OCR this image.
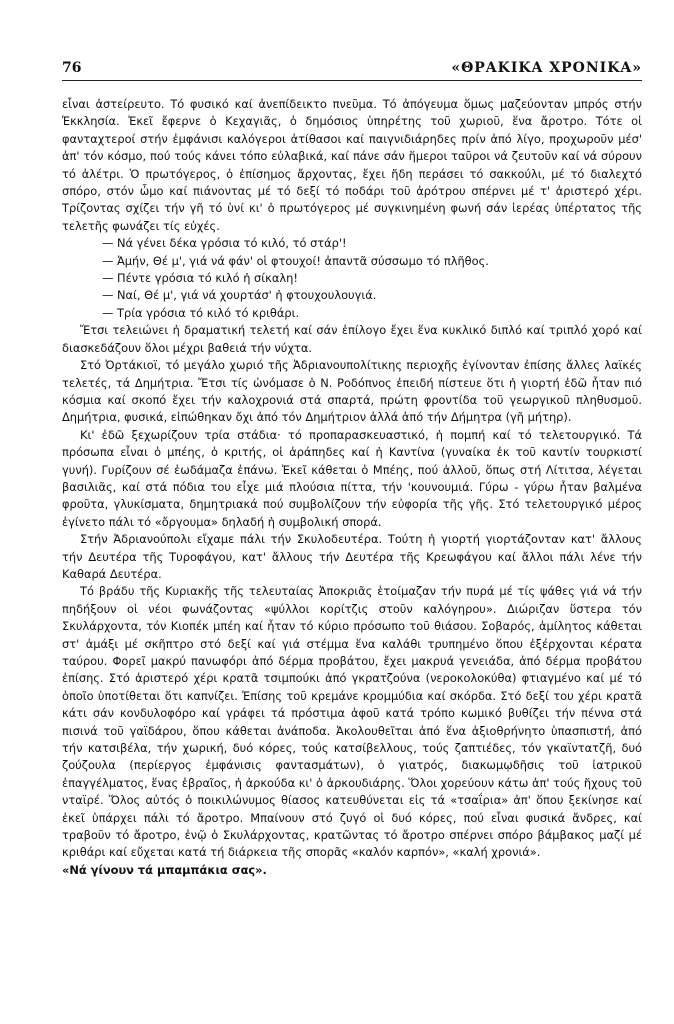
76	«ΘΡΑΚΙΚΑ ΧΡΟΝΙΚΑ»

εἶναι ἀστείρευτο. Τό φυσικό καί ἀνεπίδεικτο πνεῦμα. Τό ἀπόγευμα ὅμως μαζεύονταν μπρός στήν Ἐκκλησία. Ἐκεῖ ἔφερνε ὁ Κεχαγιᾶς, ὁ δημόσιος ὑπηρέτης τοῦ χωριοῦ, ἕνα ἄροτρο. Τότε οἱ φανταχτεροί στήν ἐμφάνισι καλόγεροι ἀτίθασοι καί παιγνιδιάρηδες πρίν ἀπό λίγο, προχωροῦν μέσ' ἀπ' τόν κόσμο, πού τούς κάνει τόπο εὐλαβικά, καί πάνε σάν ἥμεροι ταῦροι νά ζευτοῦν καί νά σύρουν τό ἀλέτρι. Ὁ πρωτόγερος, ὁ ἐπίσημος ἄρχοντας, ἔχει ἤδη περάσει τό σακκούλι, μέ τό διαλεχτό σπόρο, στόν ὦμο καί πιάνοντας μέ τό δεξί τό ποδάρι τοῦ ἀρότρου σπέρνει μέ τ' ἀριστερό χέρι. Τρίζοντας σχίζει τήν γῆ τό ὑνί κι' ὁ πρωτόγερος μέ συγκινημένη φωνή σάν ἱερέας ὑπέρτατος τῆς τελετῆς φωνάζει τίς εὐχές.

— Νά γένει δέκα γρόσια τό κιλό, τό στάρ'!

— Ἀμήν, Θέ μ', γιά νά φάν' οἱ φτουχοί! ἀπαντᾶ σύσσωμο τό πλῆθος.

— Πέντε γρόσια τό κιλό ἡ σίκαλη!

— Ναί, Θέ μ', γιά νά χουρτάσ' ἡ φτουχουλουγιά.

— Τρία γρόσια τό κιλό τό κριθάρι.

Ἔτσι τελειώνει ἡ δραματική τελετή καί σάν ἐπίλογο ἔχει ἕνα κυκλικό διπλό καί τριπλό χορό καί διασκεδάζουν ὅλοι μέχρι βαθειά τήν νύχτα.

Στό Ὀρτάκιοϊ, τό μεγάλο χωριό τῆς Ἀδριανουπολίτικης περιοχῆς ἐγίνονταν ἐπίσης ἄλλες λαϊκές τελετές, τά Δημήτρια. Ἔτσι τίς ὠνόμασε ὁ Ν. Ροδόπνος ἐπειδή πίστευε ὅτι ἡ γιορτή ἐδῶ ἦταν πιό κόσμια καί σκοπό ἔχει τήν καλοχρονιά στά σπαρτά, πρώτη φροντίδα τοῦ γεωργικοῦ πληθυσμοῦ. Δημήτρια, φυσικά, εἰπώθηκαν ὄχι ἀπό τόν Δημήτριον ἀλλά ἀπό τήν Δήμητρα (γῆ μήτηρ).

Κι' ἐδῶ ξεχωρίζουν τρία στάδια· τό προπαρασκευαστικό, ἡ πομπή καί τό τελετουργικό. Τά πρόσωπα εἶναι ὁ μπέης, ὁ κριτής, οἱ ἀράπηδες καί ἡ Καντίνα (γυναίκα ἐκ τοῦ καντίν τουρκιστί γυνή). Γυρίζουν σέ ἑωδάμαζα ἐπάνω. Ἐκεῖ κάθεται ὁ Μπέης, πού ἀλλοῦ, ὅπως στή Λίτιτσα, λέγεται βασιλιᾶς, καί στά πόδια του εἶχε μιά πλούσια πίττα, τήν 'κουνουμιά. Γύρω - γύρω ἦταν βαλμένα φροῦτα, γλυκίσματα, δημητριακά πού συμβολίζουν τήν εὐφορία τῆς γῆς. Στό τελετουργικό μέρος ἐγίνετο πάλι τό «ὄργουμα» δηλαδή ἡ συμβολική σπορά.

Στήν Ἀδριανούπολι εἴχαμε πάλι τήν Σκυλοδευτέρα. Τούτη ἡ γιορτή γιορτάζονταν κατ' ἄλλους τήν Δευτέρα τῆς Τυροφάγου, κατ' ἄλλους τήν Δευτέρα τῆς Κρεωφάγου καί ἄλλοι πάλι λένε τήν Καθαρά Δευτέρα.

Τό βράδυ τῆς Κυριακῆς τῆς τελευταίας Ἀποκριᾶς ἑτοίμαζαν τήν πυρά μέ τίς ψάθες γιά νά τήν πηδήξουν οἱ νέοι φωνάζοντας «ψύλλοι κορίτζις στοῦν καλόγηρου». Διώριζαν ὕστερα τόν Σκυλάρχοντα, τόν Κιοπέκ μπέη καί ἦταν τό κύριο πρόσωπο τοῦ θιάσου. Σοβαρός, ἀμίλητος κάθεται στ' ἀμάξι μέ σκῆπτρο στό δεξί καί γιά στέμμα ἕνα καλάθι τρυπημένο ὅπου ἐξέρχονται κέρατα ταύρου. Φορεῖ μακρύ πανωφόρι ἀπό δέρμα προβάτου, ἔχει μακρυά γενειάδα, ἀπό δέρμα προβάτου ἐπίσης. Στό ἀριστερό χέρι κρατᾶ τσιμπούκι ἀπό γκρατζούνα (νεροκολοκύθα) φτιαγμένο καί μέ τό ὁποῖο ὑποτίθεται ὅτι καπνίζει. Ἐπίσης τοῦ κρεμάνε κρομμύδια καί σκόρδα. Στό δεξί του χέρι κρατᾶ κάτι σάν κονδυλοφόρο καί γράφει τά πρόστιμα ἀφοῦ κατά τρόπο κωμικό βυθίζει τήν πέννα στά πισινά τοῦ γαϊδάρου, ὅπου κάθεται ἀνάποδα. Ἀκολουθεῖται ἀπό ἕνα ἀξιοθρήνητο ὑπασπιστή, ἀπό τήν κατσιβέλα, τήν χωρική, δυό κόρες, τούς κατσίβελλους, τούς ζαπτιέδες, τόν γκαϊντατζῆ, δυό ζούζουλα (περίεργος ἐμφάνισις φαντασμάτων), ὁ γιατρός, διακωμῳδῆσις τοῦ ἰατρικοῦ ἐπαγγέλματος, ἕνας ἑβραῖος, ἡ ἀρκούδα κι' ὁ ἀρκουδιάρης. Ὅλοι χορεύουν κάτω ἀπ' τούς ἤχους τοῦ νταϊρέ. Ὅλος αὐτός ὁ ποικιλώνυμος θίασος κατευθύνεται εἰς τά «τσαΐρια» ἀπ' ὅπου ξεκίνησε καί ἐκεῖ ὑπάρχει πάλι τό ἄροτρο. Μπαίνουν στό ζυγό οἱ δυό κόρες, πού εἶναι φυσικά ἄνδρες, καί τραβοῦν τό ἄροτρο, ἐνῷ ὁ Σκυλάρχοντας, κρατῶντας τό ἄροτρο σπέρνει σπόρο βάμβακος μαζί μέ κριθάρι καί εὔχεται κατά τή διάρκεια τῆς σπορᾶς «καλόν καρπόν», «καλή χρονιά».

«Νά γίνουν τά μπαμπάκια σας».
